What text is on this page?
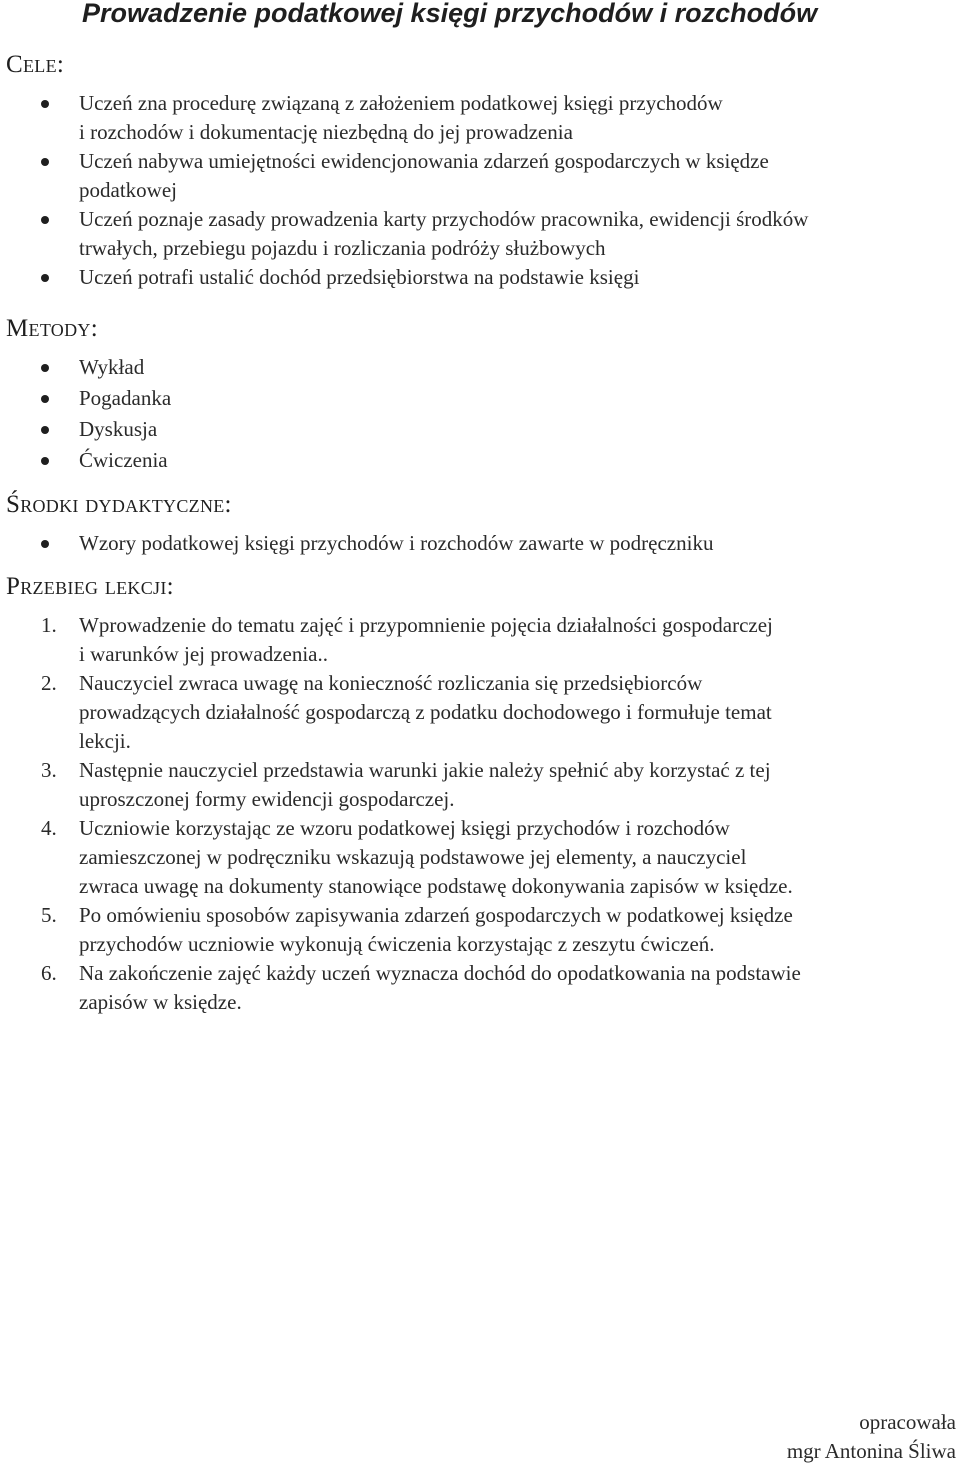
Prowadzenie podatkowej księgi przychodów i rozchodów
Cele:
Uczeń zna procedurę związaną z założeniem podatkowej księgi przychodów
i rozchodów i dokumentację niezbędną do jej prowadzenia
Uczeń nabywa umiejętności ewidencjonowania zdarzeń gospodarczych w księdze
podatkowej
Uczeń poznaje zasady prowadzenia karty przychodów pracownika, ewidencji środków
trwałych, przebiegu pojazdu i rozliczania podróży służbowych
Uczeń potrafi ustalić dochód przedsiębiorstwa na podstawie księgi
Metody:
Wykład
Pogadanka
Dyskusja
Ćwiczenia
Środki dydaktyczne:
Wzory podatkowej księgi przychodów i rozchodów zawarte w podręczniku
Przebieg lekcji:
1. Wprowadzenie do tematu zajęć i przypomnienie pojęcia działalności gospodarczej
i warunków jej prowadzenia..
2. Nauczyciel zwraca uwagę na konieczność rozliczania się przedsiębiorców
prowadzących działalność gospodarczą z podatku dochodowego i formułuje temat
lekcji.
3. Następnie nauczyciel przedstawia warunki jakie należy spełnić aby korzystać z tej
uproszczonej formy ewidencji gospodarczej.
4. Uczniowie korzystając ze wzoru podatkowej księgi przychodów i rozchodów
zamieszczonej w podręczniku wskazują podstawowe jej elementy, a nauczyciel
zwraca uwagę na dokumenty stanowiące podstawę dokonywania zapisów w księdze.
5. Po omówieniu sposobów zapisywania zdarzeń gospodarczych w podatkowej księdze
przychodów uczniowie wykonują ćwiczenia korzystając z zeszytu ćwiczeń.
6. Na zakończenie zajęć każdy uczeń wyznacza dochód do opodatkowania na podstawie
zapisów w księdze.
opracowała
mgr Antonina Śliwa
